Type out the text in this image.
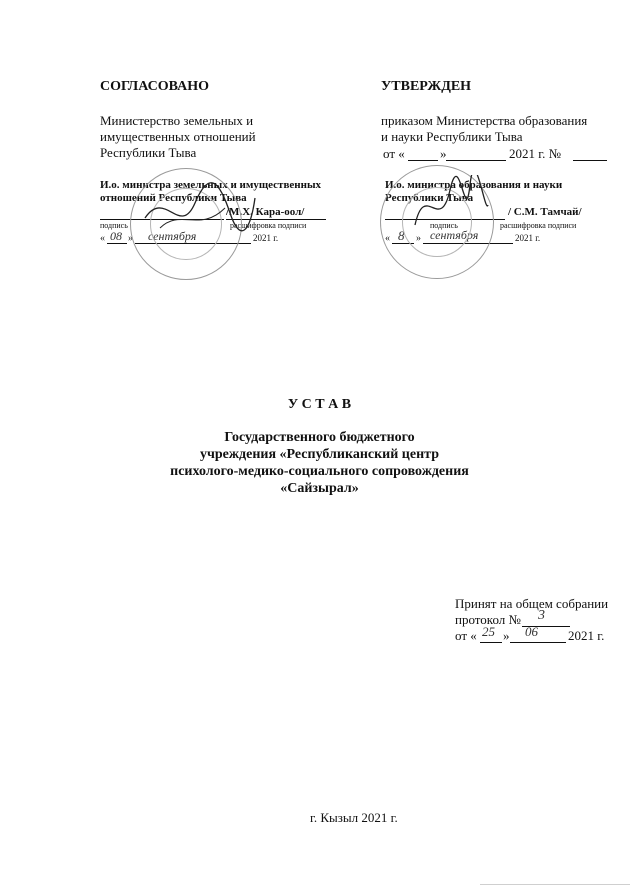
СОГЛАСОВАНО
Министерство земельных и
имущественных отношений
Республики Тыва
И.о. министра земельных и имущественных
отношений Республики Тыва
/М.Х. Кара-оол/
подпись	расшифровка подписи
« 08 » сентября	2021 г.
УТВЕРЖДЕН
приказом Министерства образования
и науки Республики Тыва
от «	»	2021 г. №
И.о. министра образования и науки
Республики Тыва
/ С.М. Тамчай/
подпись	расшифровка подписи
« 8 » сентября	2021 г.
У С Т А В
Государственного бюджетного
учреждения «Республиканский центр
психолого-медико-социального сопровождения
«Сайзырал»
Принят на общем собрании
протокол № 3
от « 25 » 06 2021 г.
г. Кызыл 2021 г.
